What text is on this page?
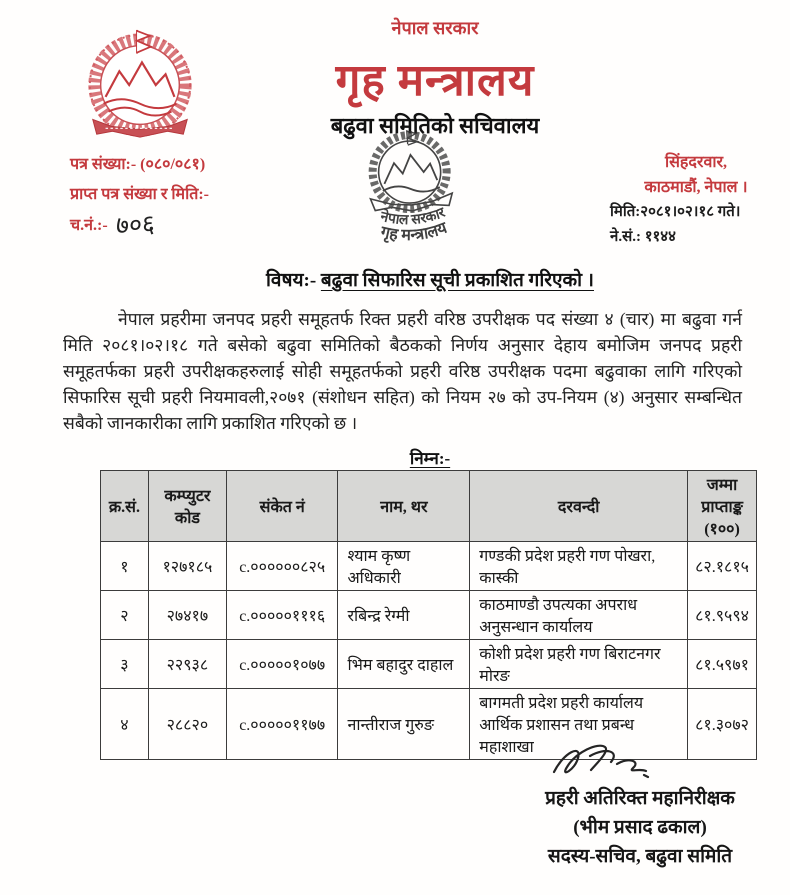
नेपाल सरकार
गृह मन्त्रालय
बढुवा समितिको सचिवालय
नेपाल सरकार
गृह मन्त्रालय
पत्र संख्या:- (०८०/०८१)
प्राप्त पत्र संख्या र मिति:-
च.नं.:- ७०६
सिंहदरवार,
काठमाडौं, नेपाल ।
मिति:२०८१।०२।१८ गते।
ने.सं.: ११४४
विषय:- बढुवा सिफारिस सूची प्रकाशित गरिएको ।
नेपाल प्रहरीमा जनपद प्रहरी समूहतर्फ रिक्त प्रहरी वरिष्ठ उपरीक्षक पद संख्या ४ (चार) मा बढुवा गर्न मिति २०८१।०२।१८ गते बसेको बढुवा समितिको बैठकको निर्णय अनुसार देहाय बमोजिम जनपद प्रहरी समूहतर्फका प्रहरी उपरीक्षकहरुलाई सोही समूहतर्फको प्रहरी वरिष्ठ उपरीक्षक पदमा बढुवाका लागि गरिएको सिफारिस सूची प्रहरी नियमावली,२०७१ (संशोधन सहित) को नियम २७ को उप-नियम (४) अनुसार सम्बन्धित सबैको जानकारीका लागि प्रकाशित गरिएको छ ।
निम्न:-
क्र.सं.	कम्प्युटर कोड	संकेत नं	नाम, थर	दरवन्दी	जम्मा प्राप्ताङ्क (१००)
१	१२७१८५	c.००००००८२५	श्याम कृष्ण अधिकारी	गण्डकी प्रदेश प्रहरी गण पोखरा, कास्की	८२.१८१५
२	२७४१७	c.०००००१११६	रबिन्द्र रेग्मी	काठमाण्डौ उपत्यका अपराध अनुसन्धान कार्यालय	८१.९५९४
३	२२९३८	c.०००००१०७७	भिम बहादुर दाहाल	कोशी प्रदेश प्रहरी गण बिराटनगर मोरङ	८१.५९७१
४	२८८२०	c.०००००११७७	नान्तीराज गुरुङ	बागमती प्रदेश प्रहरी कार्यालय आर्थिक प्रशासन तथा प्रबन्ध महाशाखा	८१.३०७२
प्रहरी अतिरिक्त महानिरीक्षक
(भीम प्रसाद ढकाल)
सदस्य-सचिव, बढुवा समिति
